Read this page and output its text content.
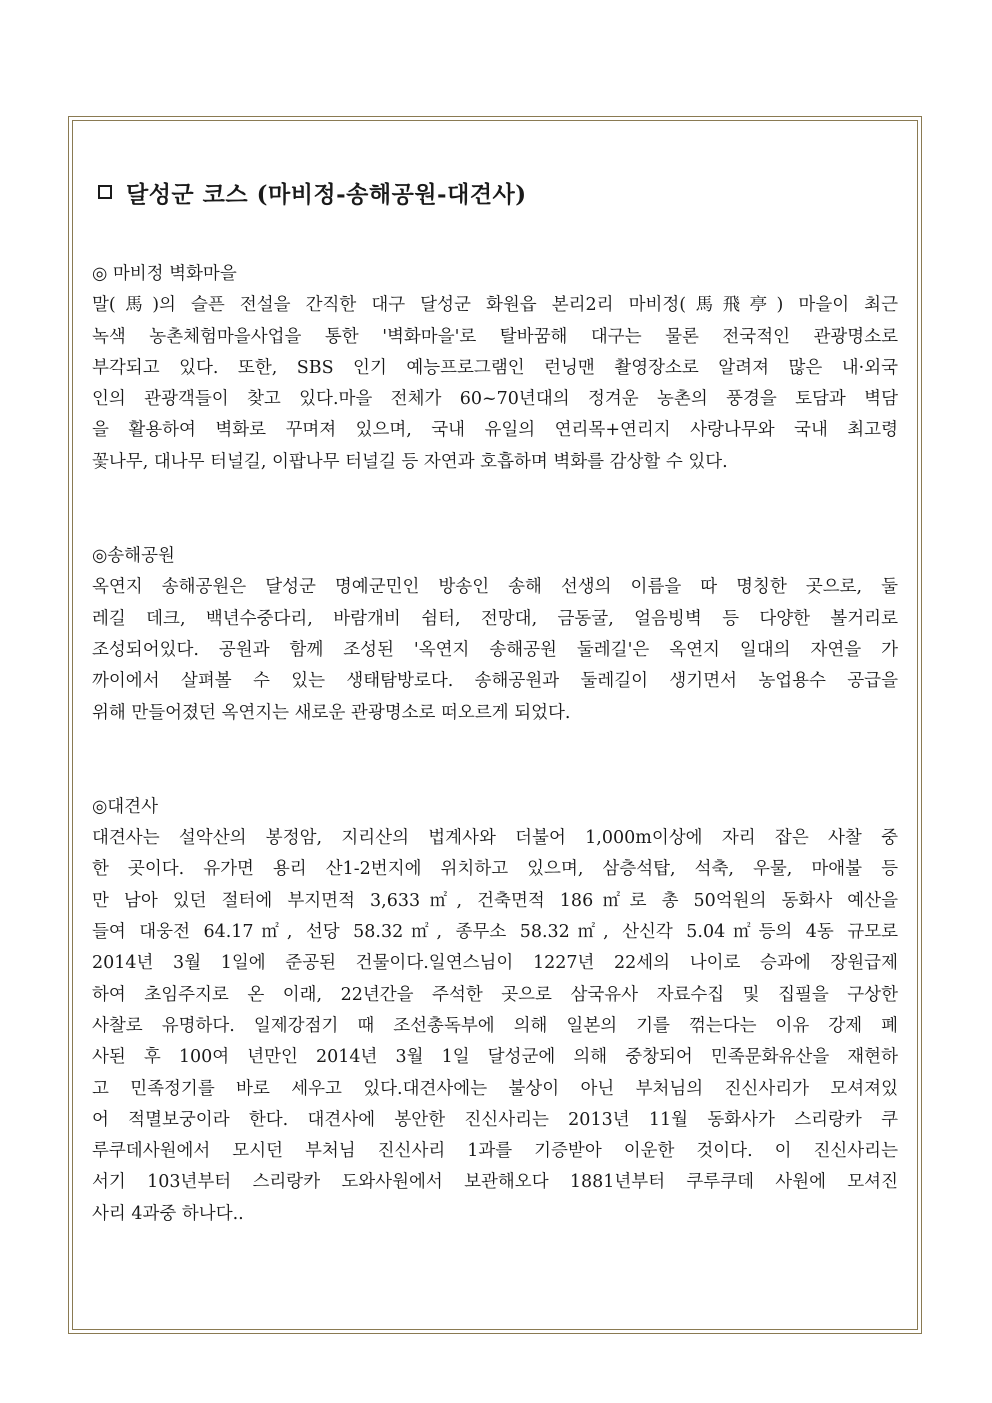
달성군 코스 (마비정-송해공원-대견사)

◎ 마비정 벽화마을

말(馬)의 슬픈 전설을 간직한 대구 달성군 화원읍 본리2리 마비정(馬飛亭) 마을이 최근

녹색 농촌체험마을사업을 통한 '벽화마을'로 탈바꿈해 대구는 물론 전국적인 관광명소로

부각되고 있다. 또한, SBS 인기 예능프로그램인 런닝맨 촬영장소로 알려져 많은 내·외국

인의 관광객들이 찾고 있다.마을 전체가 60~70년대의 정겨운 농촌의 풍경을 토담과 벽담

을 활용하여 벽화로 꾸며져 있으며, 국내 유일의 연리목+연리지 사랑나무와 국내 최고령

꽃나무, 대나무 터널길, 이팝나무 터널길 등 자연과 호흡하며 벽화를 감상할 수 있다.

◎송해공원

옥연지 송해공원은 달성군 명예군민인 방송인 송해 선생의 이름을 따 명칭한 곳으로, 둘

레길 데크, 백년수중다리, 바람개비 쉼터, 전망대, 금동굴, 얼음빙벽 등 다양한 볼거리로

조성되어있다. 공원과 함께 조성된 '옥연지 송해공원 둘레길'은 옥연지 일대의 자연을 가

까이에서 살펴볼 수 있는 생태탐방로다. 송해공원과 둘레길이 생기면서 농업용수 공급을

위해 만들어졌던 옥연지는 새로운 관광명소로 떠오르게 되었다.

◎대견사

대견사는 설악산의 봉정암, 지리산의 법계사와 더불어 1,000m이상에 자리 잡은 사찰 중

한 곳이다. 유가면 용리 산1-2번지에 위치하고 있으며, 삼층석탑, 석축, 우물, 마애불 등

만 남아 있던 절터에 부지면적 3,633㎡, 건축면적 186㎡로 총 50억원의 동화사 예산을

들여 대웅전 64.17㎡, 선당 58.32㎡, 종무소 58.32㎡, 산신각 5.04㎡등의 4동 규모로

2014년 3월 1일에 준공된 건물이다.일연스님이 1227년 22세의 나이로 승과에 장원급제

하여 초임주지로 온 이래, 22년간을 주석한 곳으로 삼국유사 자료수집 및 집필을 구상한

사찰로 유명하다. 일제강점기 때 조선총독부에 의해 일본의 기를 꺾는다는 이유 강제 폐

사된 후 100여 년만인 2014년 3월 1일 달성군에 의해 중창되어 민족문화유산을 재현하

고 민족정기를 바로 세우고 있다.대견사에는 불상이 아닌 부처님의 진신사리가 모셔져있

어 적멸보궁이라 한다. 대견사에 봉안한 진신사리는 2013년 11월 동화사가 스리랑카 쿠

루쿠데사원에서 모시던 부처님 진신사리 1과를 기증받아 이운한 것이다. 이 진신사리는

서기 103년부터 스리랑카 도와사원에서 보관해오다 1881년부터 쿠루쿠데 사원에 모셔진

사리 4과중 하나다..
